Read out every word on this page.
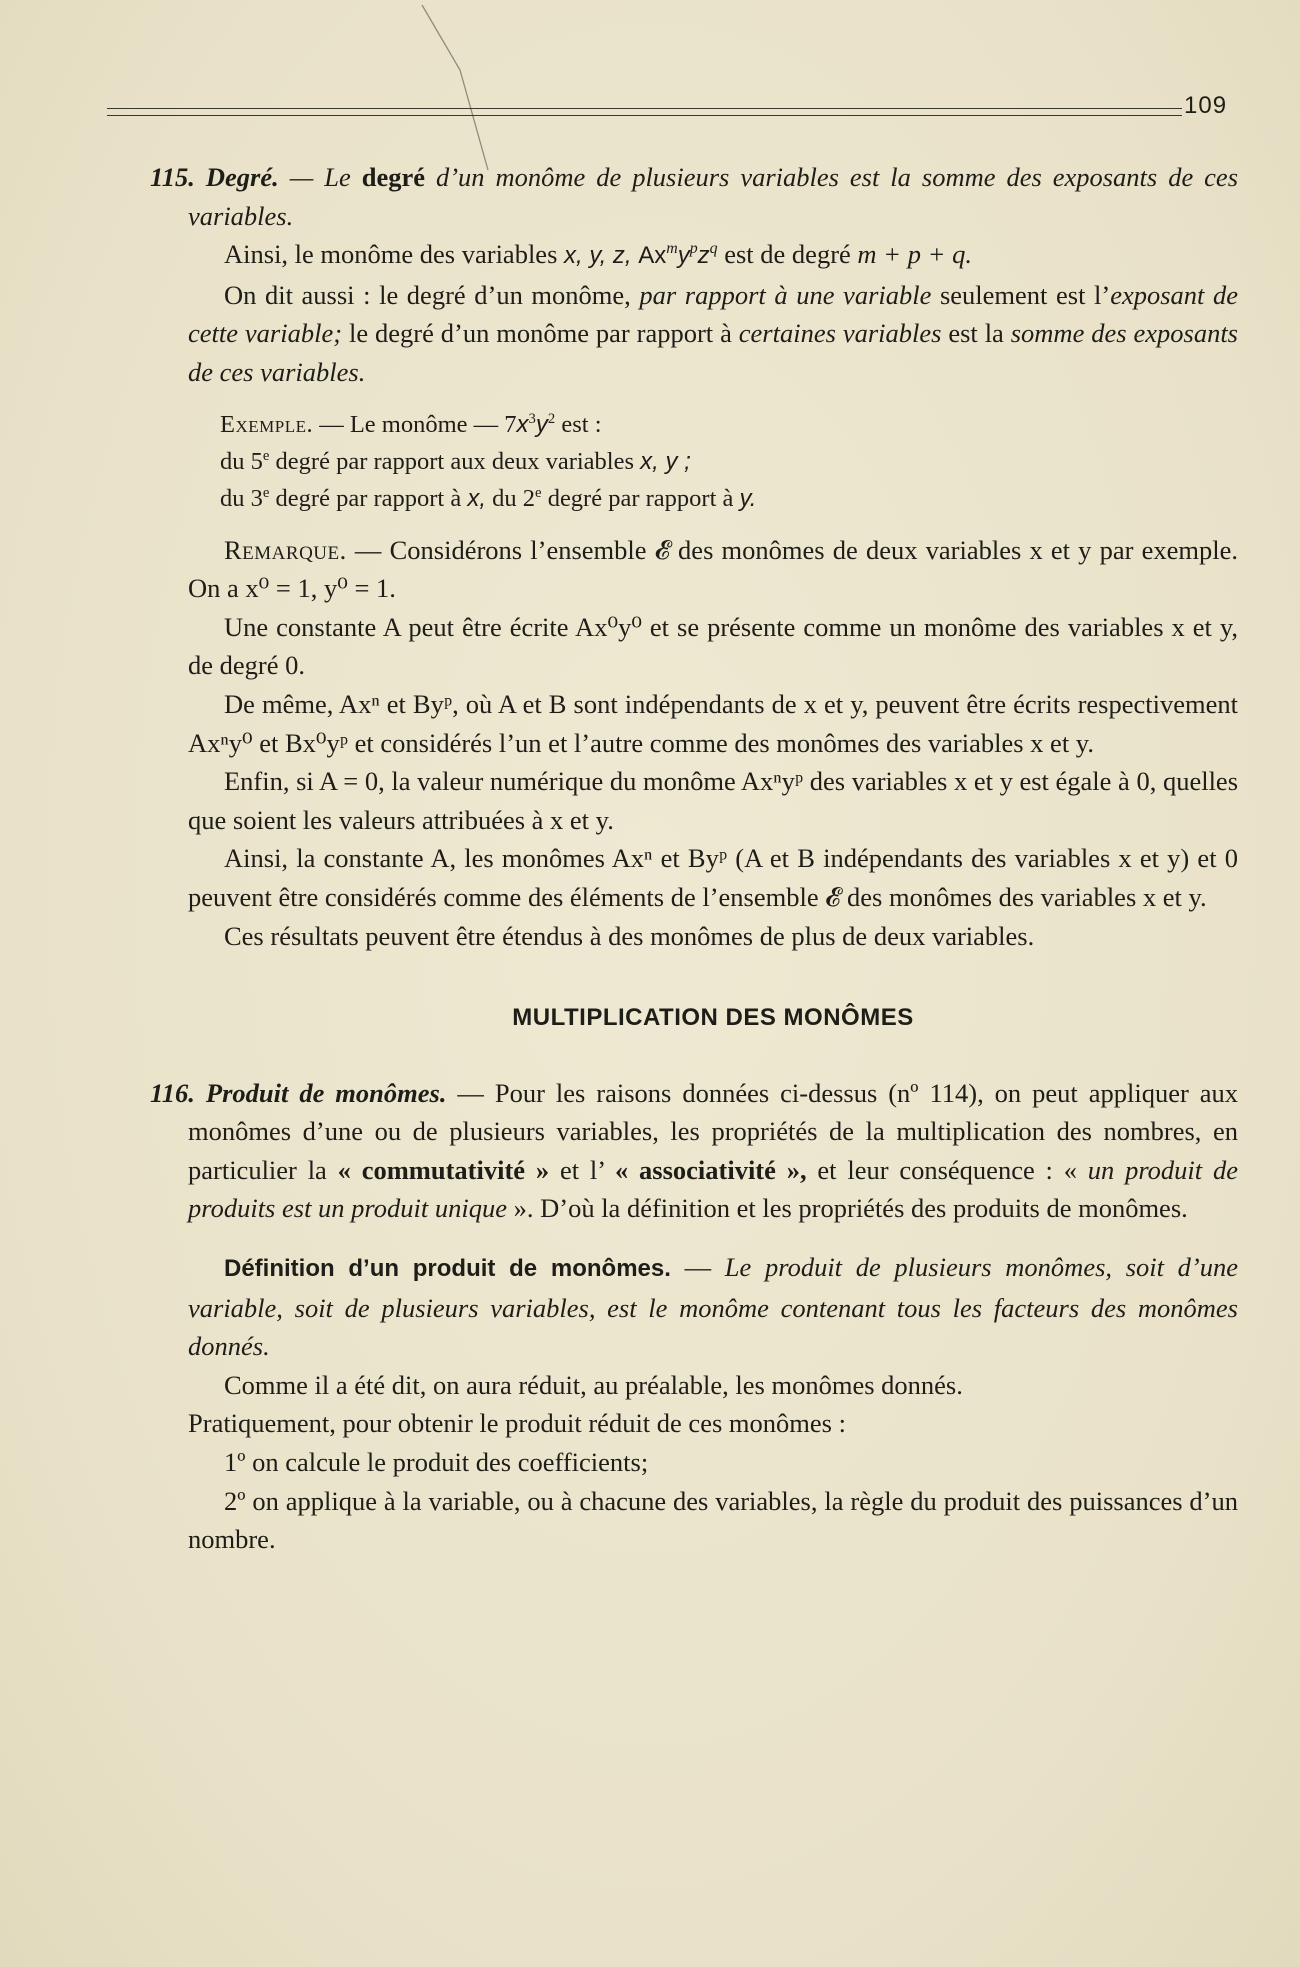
109

115. Degré. — Le degré d’un monôme de plusieurs variables est la somme des exposants de ces variables.

Ainsi, le monôme des variables x, y, z, $Ax^my^pz^q$ est de degré m + p + q.

On dit aussi : le degré d’un monôme, par rapport à une variable seulement est l’exposant de cette variable; le degré d’un monôme par rapport à certaines variables est la somme des exposants de ces variables.

Exemple. — Le monôme — $7x^3y^2$ est :

du 5e degré par rapport aux deux variables x, y ;

du 3e degré par rapport à x, du 2e degré par rapport à y.

Remarque. — Considérons l’ensemble 𝓔 des monômes de deux variables x et y par exemple. On a x⁰ = 1, y⁰ = 1.

Une constante A peut être écrite Ax⁰y⁰ et se présente comme un monôme des variables x et y, de degré 0.

De même, Axⁿ et Byᵖ, où A et B sont indépendants de x et y, peuvent être écrits respectivement Axⁿy⁰ et Bx⁰yᵖ et considérés l’un et l’autre comme des monômes des variables x et y.

Enfin, si A = 0, la valeur numérique du monôme Axⁿyᵖ des variables x et y est égale à 0, quelles que soient les valeurs attribuées à x et y.

Ainsi, la constante A, les monômes Axⁿ et Byᵖ (A et B indépendants des variables x et y) et 0 peuvent être considérés comme des éléments de l’ensemble 𝓔 des monômes des variables x et y.

Ces résultats peuvent être étendus à des monômes de plus de deux variables.

MULTIPLICATION DES MONÔMES

116. Produit de monômes. — Pour les raisons données ci-dessus (nº 114), on peut appliquer aux monômes d’une ou de plusieurs variables, les propriétés de la multiplication des nombres, en particulier la « commutativité » et l’ « associativité », et leur conséquence : « un produit de produits est un produit unique ». D’où la définition et les propriétés des produits de monômes.

Définition d’un produit de monômes. — Le produit de plusieurs monômes, soit d’une variable, soit de plusieurs variables, est le monôme contenant tous les facteurs des monômes donnés.

Comme il a été dit, on aura réduit, au préalable, les monômes donnés.

Pratiquement, pour obtenir le produit réduit de ces monômes :

1º on calcule le produit des coefficients;

2º on applique à la variable, ou à chacune des variables, la règle du produit des puissances d’un nombre.
